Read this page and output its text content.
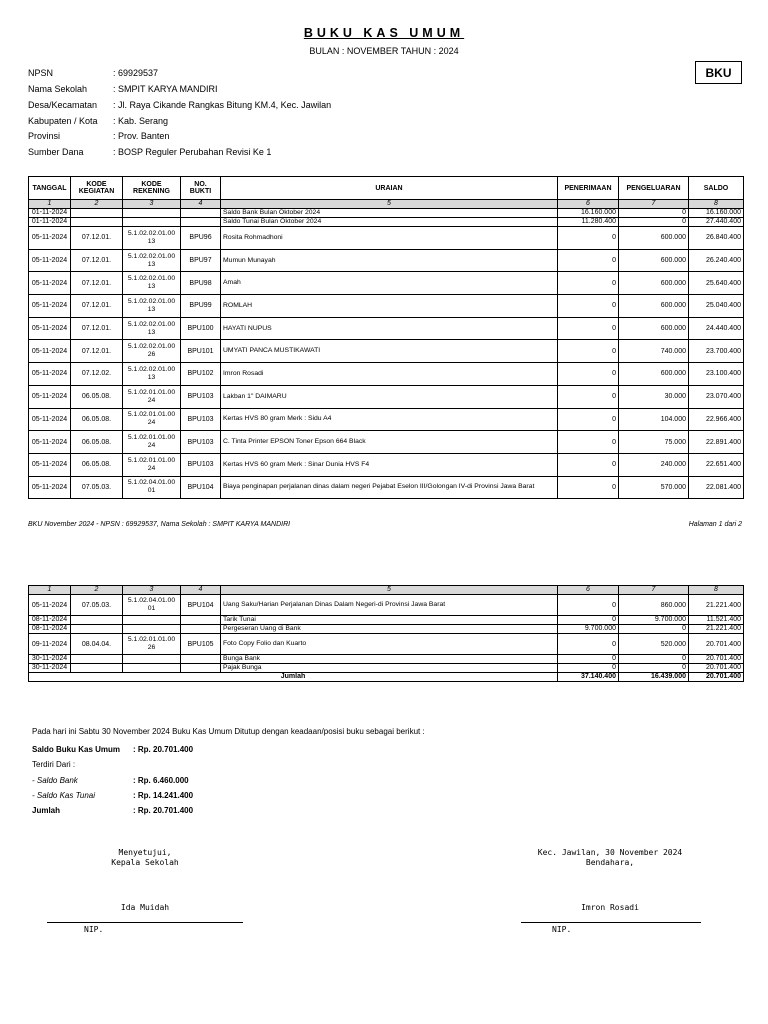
BUKU KAS UMUM
BULAN : NOVEMBER TAHUN : 2024
BKU
NPSN	: 69929537
Nama Sekolah	: SMPIT KARYA MANDIRI
Desa/Kecamatan : Jl. Raya Cikande Rangkas Bitung KM.4, Kec. Jawilan
Kabupaten / Kota : Kab. Serang
Provinsi	: Prov. Banten
Sumber Dana	: BOSP Reguler Perubahan Revisi Ke 1
TANGGAL	KODE KEGIATAN	KODE REKENING	NO. BUKTI	URAIAN	PENERIMAAN	PENGELUARAN	SALDO
1	2	3	4	5	6	7	8
01-11-2024				Saldo Bank Bulan Oktober 2024	16.160.000	0	16.160.000
01-11-2024				Saldo Tunai Bulan Oktober 2024	11.280.400	0	27.440.400
05-11-2024	07.12.01.	5.1.02.02.01.00 13	BPU96	Rosita Rohmadhoni	0	600.000	26.840.400
05-11-2024	07.12.01.	5.1.02.02.01.00 13	BPU97	Mumun Munayah	0	600.000	26.240.400
05-11-2024	07.12.01.	5.1.02.02.01.00 13	BPU98	Amah	0	600.000	25.640.400
05-11-2024	07.12.01.	5.1.02.02.01.00 13	BPU99	ROMLAH	0	600.000	25.040.400
05-11-2024	07.12.01.	5.1.02.02.01.00 13	BPU100	HAYATI NUPUS	0	600.000	24.440.400
05-11-2024	07.12.01.	5.1.02.02.01.00 26	BPU101	UMYATI PANCA MUSTIKAWATI	0	740.000	23.700.400
05-11-2024	07.12.02.	5.1.02.02.01.00 13	BPU102	Imron Rosadi	0	600.000	23.100.400
05-11-2024	06.05.08.	5.1.02.01.01.00 24	BPU103	Lakban 1" DAIMARU	0	30.000	23.070.400
05-11-2024	06.05.08.	5.1.02.01.01.00 24	BPU103	Kertas HVS 80 gram Merk : Sidu A4	0	104.000	22.966.400
05-11-2024	06.05.08.	5.1.02.01.01.00 24	BPU103	C. Tinta Printer EPSON Toner Epson 664 Black	0	75.000	22.891.400
05-11-2024	06.05.08.	5.1.02.01.01.00 24	BPU103	Kertas HVS 60 gram Merk : Sinar Dunia HVS F4	0	240.000	22.651.400
05-11-2024	07.05.03.	5.1.02.04.01.00 01	BPU104	Biaya penginapan perjalanan dinas dalam negeri Pejabat Eselon III/Golongan IV-di Provinsi Jawa Barat	0	570.000	22.081.400
BKU November 2024 - NPSN : 69929537, Nama Sekolah : SMPIT KARYA MANDIRI	Halaman 1 dari 2
1	2	3	4	5	6	7	8
05-11-2024	07.05.03.	5.1.02.04.01.00 01	BPU104	Uang Saku/Harian Perjalanan Dinas Dalam Negeri-di Provinsi Jawa Barat	0	860.000	21.221.400
08-11-2024				Tarik Tunai	0	9.700.000	11.521.400
08-11-2024				Pergeseran Uang di Bank	9.700.000	0	21.221.400
09-11-2024	08.04.04.	5.1.02.01.01.00 26	BPU105	Foto Copy Folio dan Kuarto	0	520.000	20.701.400
30-11-2024				Bunga Bank	0	0	20.701.400
30-11-2024				Pajak Bunga	0	0	20.701.400
Jumlah					37.140.400	16.439.000	20.701.400
Pada hari ini Sabtu 30 November 2024 Buku Kas Umum Ditutup dengan keadaan/posisi buku sebagai berikut :
Saldo Buku Kas Umum : Rp. 20.701.400
Terdiri Dari :
- Saldo Bank	: Rp. 6.460.000
- Saldo Kas Tunai	: Rp. 14.241.400
Jumlah	: Rp. 20.701.400
Menyetujui,
Kepala Sekolah
Ida Muidah
NIP.
Kec. Jawilan, 30 November 2024
Bendahara,
Imron Rosadi
NIP.
